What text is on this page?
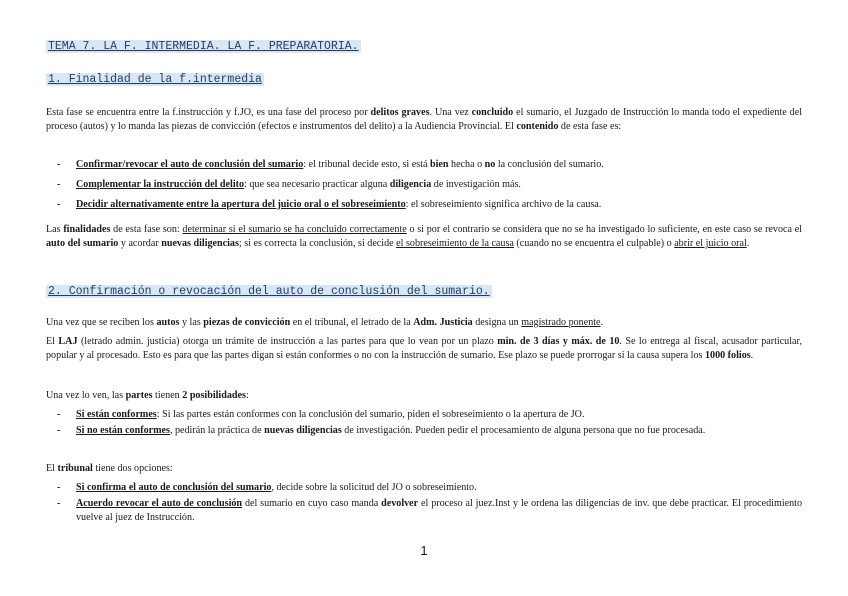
TEMA 7. LA F. INTERMEDIA. LA F. PREPARATORIA.
1. Finalidad de la f.intermedia
Esta fase se encuentra entre la f.instrucción y f.JO, es una fase del proceso por delitos graves. Una vez concluido el sumario, el Juzgado de Instrucción lo manda todo el expediente del proceso (autos) y lo manda las piezas de convicción (efectos e instrumentos del delito) a la Audiencia Provincial. El contenido de esta fase es:
- Confirmar/revocar el auto de conclusión del sumario: el tribunal decide esto, si está bien hecha o no la conclusión del sumario.
- Complementar la instrucción del delito: que sea necesario practicar alguna diligencia de investigación más.
- Decidir alternativamente entre la apertura del juicio oral o el sobreseimiento: el sobreseimiento significa archivo de la causa.
Las finalidades de esta fase son: determinar si el sumario se ha concluido correctamente o si por el contrario se considera que no se ha investigado lo suficiente, en este caso se revoca el auto del sumario y acordar nuevas diligencias; si es correcta la conclusión, si decide el sobreseimiento de la causa (cuando no se encuentra el culpable) o abrir el juicio oral.
2. Confirmación o revocación del auto de conclusión del sumario.
Una vez que se reciben los autos y las piezas de convicción en el tribunal, el letrado de la Adm. Justicia designa un magistrado ponente.
El LAJ (letrado admin. justicia) otorga un trámite de instrucción a las partes para que lo vean por un plazo min. de 3 días y máx. de 10. Se lo entrega al fiscal, acusador particular, popular y al procesado. Esto es para que las partes digan si están conformes o no con la instrucción de sumario. Ese plazo se puede prorrogar si la causa supera los 1000 folios.
Una vez lo ven, las partes tienen 2 posibilidades:
- Si están conformes: Si las partes están conformes con la conclusión del sumario, piden el sobreseimiento o la apertura de JO.
- Si no están conformes, pedirán la práctica de nuevas diligencias de investigación. Pueden pedir el procesamiento de alguna persona que no fue procesada.
El tribunal tiene dos opciones:
- Si confirma el auto de conclusión del sumario, decide sobre la solicitud del JO o sobreseimiento.
- Acuerdo revocar el auto de conclusión del sumario en cuyo caso manda devolver el proceso al juez.Inst y le ordena las diligencias de inv. que debe practicar. El procedimiento vuelve al juez de Instrucción.
1
